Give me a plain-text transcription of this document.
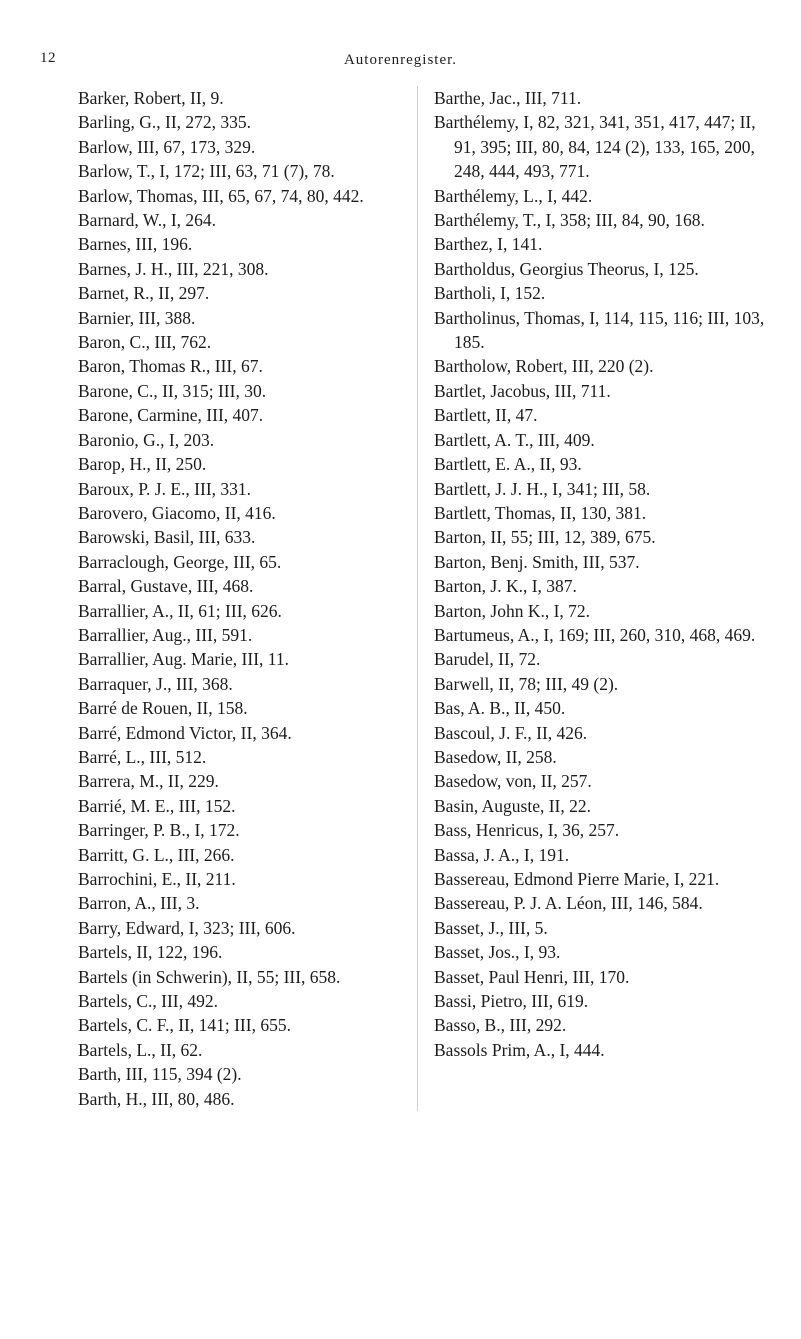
12	Autorenregister.

Barker, Robert, II, 9.

Barling, G., II, 272, 335.

Barlow, III, 67, 173, 329.

Barlow, T., I, 172; III, 63, 71 (7), 78.

Barlow, Thomas, III, 65, 67, 74, 80, 442.

Barnard, W., I, 264.

Barnes, III, 196.

Barnes, J. H., III, 221, 308.

Barnet, R., II, 297.

Barnier, III, 388.

Baron, C., III, 762.

Baron, Thomas R., III, 67.

Barone, C., II, 315; III, 30.

Barone, Carmine, III, 407.

Baronio, G., I, 203.

Barop, H., II, 250.

Baroux, P. J. E., III, 331.

Barovero, Giacomo, II, 416.

Barowski, Basil, III, 633.

Barraclough, George, III, 65.

Barral, Gustave, III, 468.

Barrallier, A., II, 61; III, 626.

Barrallier, Aug., III, 591.

Barrallier, Aug. Marie, III, 11.

Barraquer, J., III, 368.

Barré de Rouen, II, 158.

Barré, Edmond Victor, II, 364.

Barré, L., III, 512.

Barrera, M., II, 229.

Barrié, M. E., III, 152.

Barringer, P. B., I, 172.

Barritt, G. L., III, 266.

Barrochini, E., II, 211.

Barron, A., III, 3.

Barry, Edward, I, 323; III, 606.

Bartels, II, 122, 196.

Bartels (in Schwerin), II, 55; III, 658.

Bartels, C., III, 492.

Bartels, C. F., II, 141; III, 655.

Bartels, L., II, 62.

Barth, III, 115, 394 (2).

Barth, H., III, 80, 486.

Barthe, Jac., III, 711.

Barthélemy, I, 82, 321, 341, 351, 417, 447; II, 91, 395; III, 80, 84, 124 (2), 133, 165, 200, 248, 444, 493, 771.

Barthélemy, L., I, 442.

Barthélemy, T., I, 358; III, 84, 90, 168.

Barthez, I, 141.

Bartholdus, Georgius Theorus, I, 125.

Bartholi, I, 152.

Bartholinus, Thomas, I, 114, 115, 116; III, 103, 185.

Bartholow, Robert, III, 220 (2).

Bartlet, Jacobus, III, 711.

Bartlett, II, 47.

Bartlett, A. T., III, 409.

Bartlett, E. A., II, 93.

Bartlett, J. J. H., I, 341; III, 58.

Bartlett, Thomas, II, 130, 381.

Barton, II, 55; III, 12, 389, 675.

Barton, Benj. Smith, III, 537.

Barton, J. K., I, 387.

Barton, John K., I, 72.

Bartumeus, A., I, 169; III, 260, 310, 468, 469.

Barudel, II, 72.

Barwell, II, 78; III, 49 (2).

Bas, A. B., II, 450.

Bascoul, J. F., II, 426.

Basedow, II, 258.

Basedow, von, II, 257.

Basin, Auguste, II, 22.

Bass, Henricus, I, 36, 257.

Bassa, J. A., I, 191.

Bassereau, Edmond Pierre Marie, I, 221.

Bassereau, P. J. A. Léon, III, 146, 584.

Basset, J., III, 5.

Basset, Jos., I, 93.

Basset, Paul Henri, III, 170.

Bassi, Pietro, III, 619.

Basso, B., III, 292.

Bassols Prim, A., I, 444.
